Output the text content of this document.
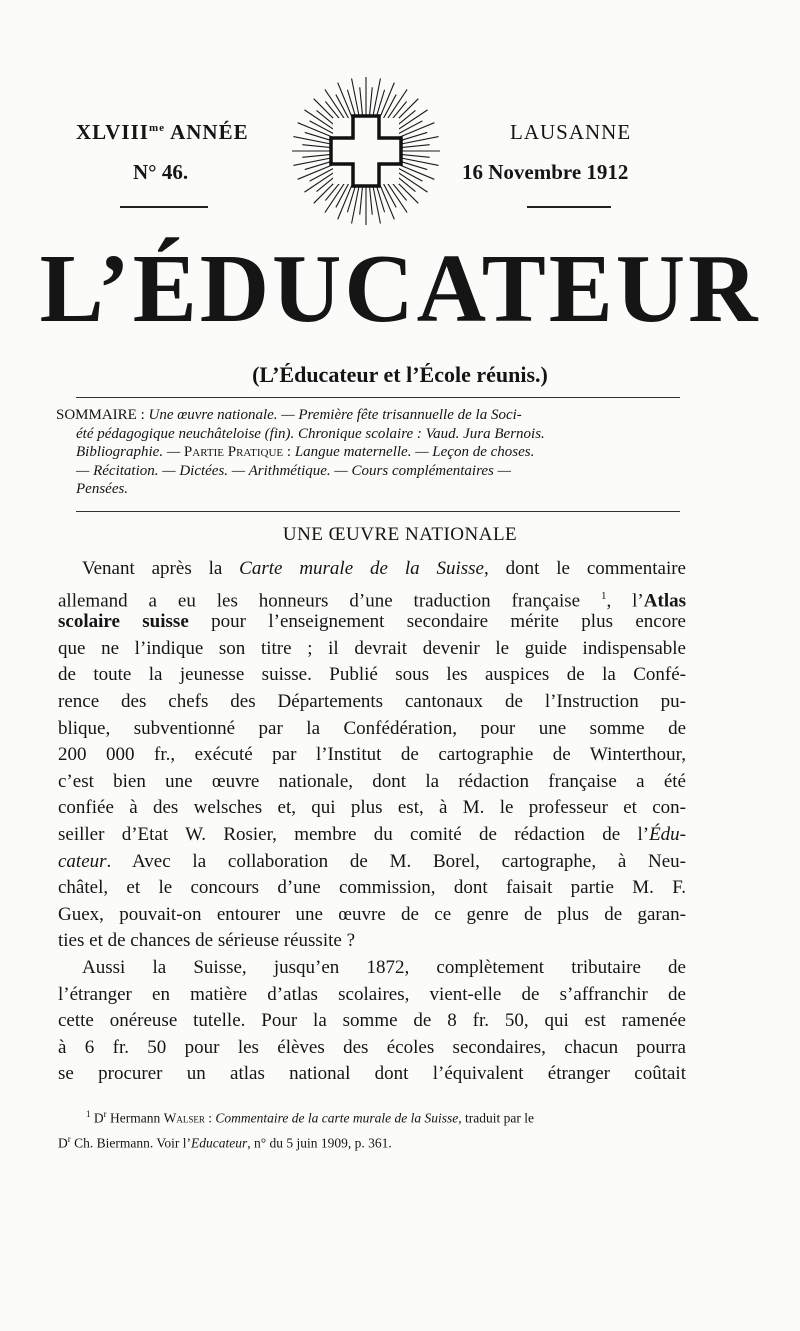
$XLVIII^{me}$ ANNÉE
N° 46.
LAUSANNE
16 Novembre 1912
L’ÉDUCATEUR
(L’Éducateur et l’École réunis.)
SOMMAIRE : Une œuvre nationale. — Première fête trisannuelle de la Soci-
été pédagogique neuchâteloise (fin). Chronique scolaire : Vaud. Jura Bernois.
Bibliographie. — Partie Pratique : Langue maternelle. — Leçon de choses.
— Récitation. — Dictées. — Arithmétique. — Cours complémentaires —
Pensées.
UNE ŒUVRE NATIONALE
Venant après la Carte murale de la Suisse, dont le commentaire
allemand a eu les honneurs d’une traduction française $^1$, l’Atlas
scolaire suisse pour l’enseignement secondaire mérite plus encore
que ne l’indique son titre ; il devrait devenir le guide indispensable
de toute la jeunesse suisse. Publié sous les auspices de la Confé-
rence des chefs des Départements cantonaux de l’Instruction pu-
blique, subventionné par la Confédération, pour une somme de
200 000 fr., exécuté par l’Institut de cartographie de Winterthour,
c’est bien une œuvre nationale, dont la rédaction française a été
confiée à des welsches et, qui plus est, à M. le professeur et con-
seiller d’Etat W. Rosier, membre du comité de rédaction de l’Édu-
cateur. Avec la collaboration de M. Borel, cartographe, à Neu-
châtel, et le concours d’une commission, dont faisait partie M. F.
Guex, pouvait-on entourer une œuvre de ce genre de plus de garan-
ties et de chances de sérieuse réussite ?
Aussi la Suisse, jusqu’en 1872, complètement tributaire de
l’étranger en matière d’atlas scolaires, vient-elle de s’affranchir de
cette onéreuse tutelle. Pour la somme de 8 fr. 50, qui est ramenée
à 6 fr. 50 pour les élèves des écoles secondaires, chacun pourra
se procurer un atlas national dont l’équivalent étranger coûtait
$^1$ $D^r$ Hermann Walser : Commentaire de la carte murale de la Suisse, traduit par le
$D^r$ Ch. Biermann. Voir l’Educateur, n° du 5 juin 1909, p. 361.
